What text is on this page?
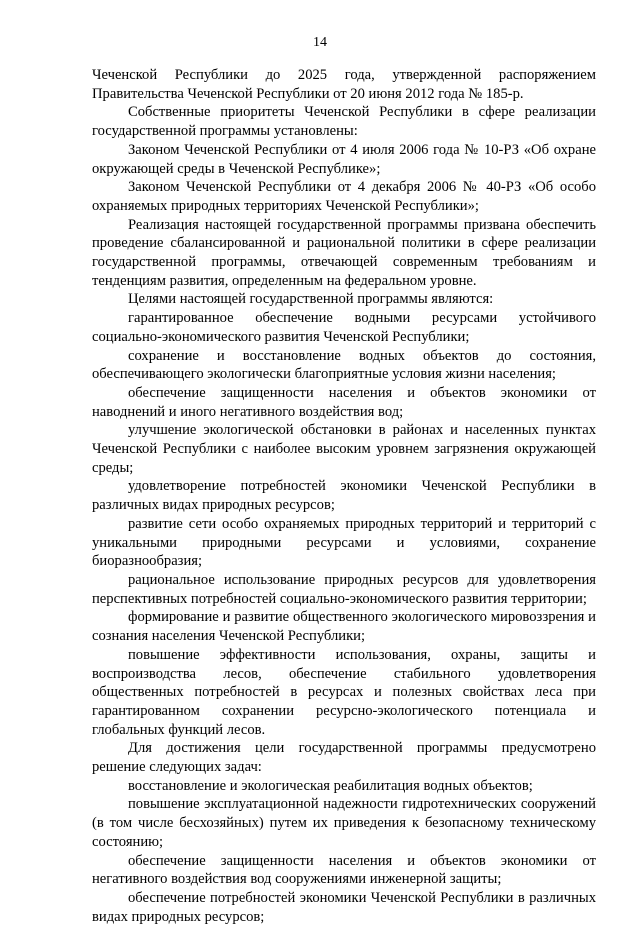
14

Чеченской Республики до 2025 года, утвержденной распоряжением Правительства Чеченской Республики от 20 июня 2012 года № 185-р.

Собственные приоритеты Чеченской Республики в сфере реализации государственной программы установлены:

Законом Чеченской Республики от 4 июля 2006 года № 10-РЗ «Об охране окружающей среды в Чеченской Республике»;

Законом Чеченской Республики от 4 декабря 2006 № 40-РЗ «Об особо охраняемых природных территориях Чеченской Республики»;

Реализация настоящей государственной программы призвана обеспечить проведение сбалансированной и рациональной политики в сфере реализации государственной программы, отвечающей современным требованиям и тенденциям развития, определенным на федеральном уровне.

Целями настоящей государственной программы являются:

гарантированное обеспечение водными ресурсами устойчивого социально-экономического развития Чеченской Республики;

сохранение и восстановление водных объектов до состояния, обеспечивающего экологически благоприятные условия жизни населения;

обеспечение защищенности населения и объектов экономики от наводнений и иного негативного воздействия вод;

улучшение экологической обстановки в районах и населенных пунктах Чеченской Республики с наиболее высоким уровнем загрязнения окружающей среды;

удовлетворение потребностей экономики Чеченской Республики в различных видах природных ресурсов;

развитие сети особо охраняемых природных территорий и территорий с уникальными природными ресурсами и условиями, сохранение биоразнообразия;

рациональное использование природных ресурсов для удовлетворения перспективных потребностей социально-экономического развития территории;

формирование и развитие общественного экологического мировоззрения и сознания населения Чеченской Республики;

повышение эффективности использования, охраны, защиты и воспроизводства лесов, обеспечение стабильного удовлетворения общественных потребностей в ресурсах и полезных свойствах леса при гарантированном сохранении ресурсно-экологического потенциала и глобальных функций лесов.

Для достижения цели государственной программы предусмотрено решение следующих задач:

восстановление и экологическая реабилитация водных объектов;

повышение эксплуатационной надежности гидротехнических сооружений (в том числе бесхозяйных) путем их приведения к безопасному техническому состоянию;

обеспечение защищенности населения и объектов экономики от негативного воздействия вод сооружениями инженерной защиты;

обеспечение потребностей экономики Чеченской Республики в различных видах природных ресурсов;
